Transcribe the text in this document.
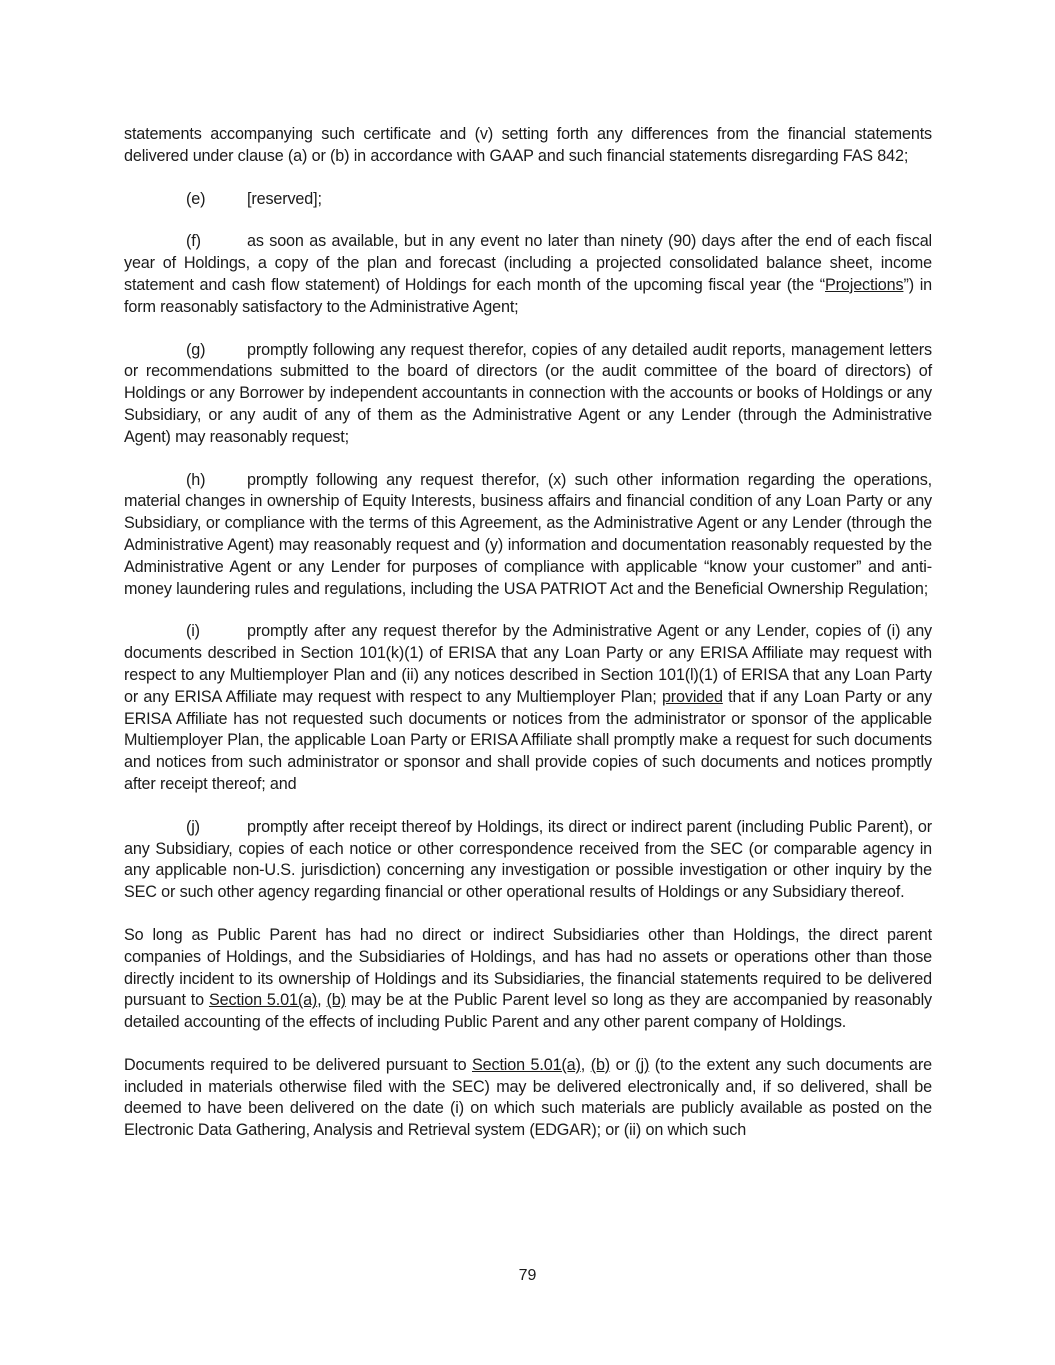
statements accompanying such certificate and (v) setting forth any differences from the financial statements delivered under clause (a) or (b) in accordance with GAAP and such financial statements disregarding FAS 842;

(e)	[reserved];

(f)	as soon as available, but in any event no later than ninety (90) days after the end of each fiscal year of Holdings, a copy of the plan and forecast (including a projected consolidated balance sheet, income statement and cash flow statement) of Holdings for each month of the upcoming fiscal year (the “Projections”) in form reasonably satisfactory to the Administrative Agent;

(g)	promptly following any request therefor, copies of any detailed audit reports, management letters or recommendations submitted to the board of directors (or the audit committee of the board of directors) of Holdings or any Borrower by independent accountants in connection with the accounts or books of Holdings or any Subsidiary, or any audit of any of them as the Administrative Agent or any Lender (through the Administrative Agent) may reasonably request;

(h)	promptly following any request therefor, (x) such other information regarding the operations, material changes in ownership of Equity Interests, business affairs and financial condition of any Loan Party or any Subsidiary, or compliance with the terms of this Agreement, as the Administrative Agent or any Lender (through the Administrative Agent) may reasonably request and (y) information and documentation reasonably requested by the Administrative Agent or any Lender for purposes of compliance with applicable “know your customer” and anti-money laundering rules and regulations, including the USA PATRIOT Act and the Beneficial Ownership Regulation;

(i)	promptly after any request therefor by the Administrative Agent or any Lender, copies of (i) any documents described in Section 101(k)(1) of ERISA that any Loan Party or any ERISA Affiliate may request with respect to any Multiemployer Plan and (ii) any notices described in Section 101(l)(1) of ERISA that any Loan Party or any ERISA Affiliate may request with respect to any Multiemployer Plan; provided that if any Loan Party or any ERISA Affiliate has not requested such documents or notices from the administrator or sponsor of the applicable Multiemployer Plan, the applicable Loan Party or ERISA Affiliate shall promptly make a request for such documents and notices from such administrator or sponsor and shall provide copies of such documents and notices promptly after receipt thereof; and

(j)	promptly after receipt thereof by Holdings, its direct or indirect parent (including Public Parent), or any Subsidiary, copies of each notice or other correspondence received from the SEC (or comparable agency in any applicable non-U.S. jurisdiction) concerning any investigation or possible investigation or other inquiry by the SEC or such other agency regarding financial or other operational results of Holdings or any Subsidiary thereof.

So long as Public Parent has had no direct or indirect Subsidiaries other than Holdings, the direct parent companies of Holdings, and the Subsidiaries of Holdings, and has had no assets or operations other than those directly incident to its ownership of Holdings and its Subsidiaries, the financial statements required to be delivered pursuant to Section 5.01(a), (b) may be at the Public Parent level so long as they are accompanied by reasonably detailed accounting of the effects of including Public Parent and any other parent company of Holdings.

Documents required to be delivered pursuant to Section 5.01(a), (b) or (j) (to the extent any such documents are included in materials otherwise filed with the SEC) may be delivered electronically and, if so delivered, shall be deemed to have been delivered on the date (i) on which such materials are publicly available as posted on the Electronic Data Gathering, Analysis and Retrieval system (EDGAR); or (ii) on which such

79
